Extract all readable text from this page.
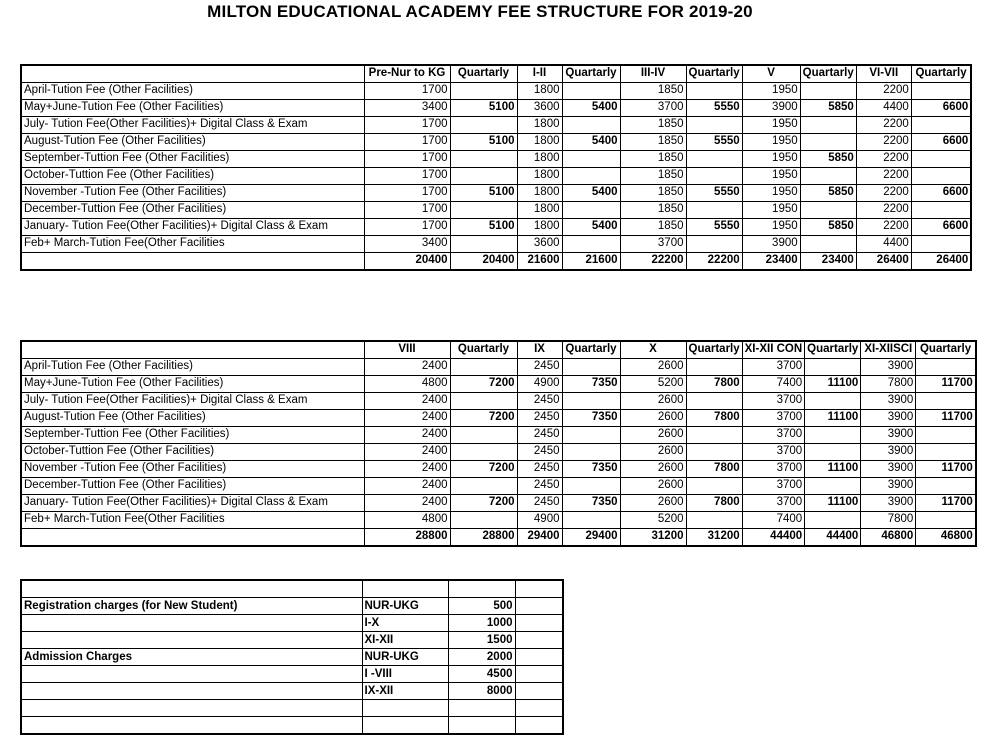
MILTON EDUCATIONAL ACADEMY FEE STRUCTURE FOR 2019-20
	Pre-Nur to KG	Quartarly	I-II	Quartarly	III-IV	Quartarly	V	Quartarly	VI-VII	Quartarly
April-Tution Fee (Other Facilities)	1700		1800		1850		1950		2200	
May+June-Tution Fee (Other Facilities)	3400	5100	3600	5400	3700	5550	3900	5850	4400	6600
July- Tution Fee(Other Facilities)+ Digital Class & Exam	1700		1800		1850		1950		2200	
August-Tution Fee (Other Facilities)	1700	5100	1800	5400	1850	5550	1950		2200	6600
September-Tuttion Fee (Other Facilities)	1700		1800		1850		1950	5850	2200	
October-Tuttion Fee (Other Facilities)	1700		1800		1850		1950		2200	
November -Tution Fee (Other Facilities)	1700	5100	1800	5400	1850	5550	1950	5850	2200	6600
December-Tuttion Fee (Other Facilities)	1700		1800		1850		1950		2200	
January- Tution Fee(Other Facilities)+ Digital Class & Exam	1700	5100	1800	5400	1850	5550	1950	5850	2200	6600
Feb+ March-Tution Fee(Other Facilities	3400		3600		3700		3900		4400	
	20400	20400	21600	21600	22200	22200	23400	23400	26400	26400
	VIII	Quartarly	IX	Quartarly	X	Quartarly	XI-XII CON	Quartarly	XI-XIISCI	Quartarly
April-Tution Fee (Other Facilities)	2400		2450		2600		3700		3900	
May+June-Tution Fee (Other Facilities)	4800	7200	4900	7350	5200	7800	7400	11100	7800	11700
July- Tution Fee(Other Facilities)+ Digital Class & Exam	2400		2450		2600		3700		3900	
August-Tution Fee (Other Facilities)	2400	7200	2450	7350	2600	7800	3700	11100	3900	11700
September-Tuttion Fee (Other Facilities)	2400		2450		2600		3700		3900	
October-Tuttion Fee (Other Facilities)	2400		2450		2600		3700		3900	
November -Tution Fee (Other Facilities)	2400	7200	2450	7350	2600	7800	3700	11100	3900	11700
December-Tuttion Fee (Other Facilities)	2400		2450		2600		3700		3900	
January- Tution Fee(Other Facilities)+ Digital Class & Exam	2400	7200	2450	7350	2600	7800	3700	11100	3900	11700
Feb+ March-Tution Fee(Other Facilities	4800		4900		5200		7400		7800	
	28800	28800	29400	29400	31200	31200	44400	44400	46800	46800

Registration charges (for New Student)	NUR-UKG	500	
	I-X	1000	
	XI-XII	1500	
Admission Charges	NUR-UKG	2000	
	I -VIII	4500	
	IX-XII	8000	
